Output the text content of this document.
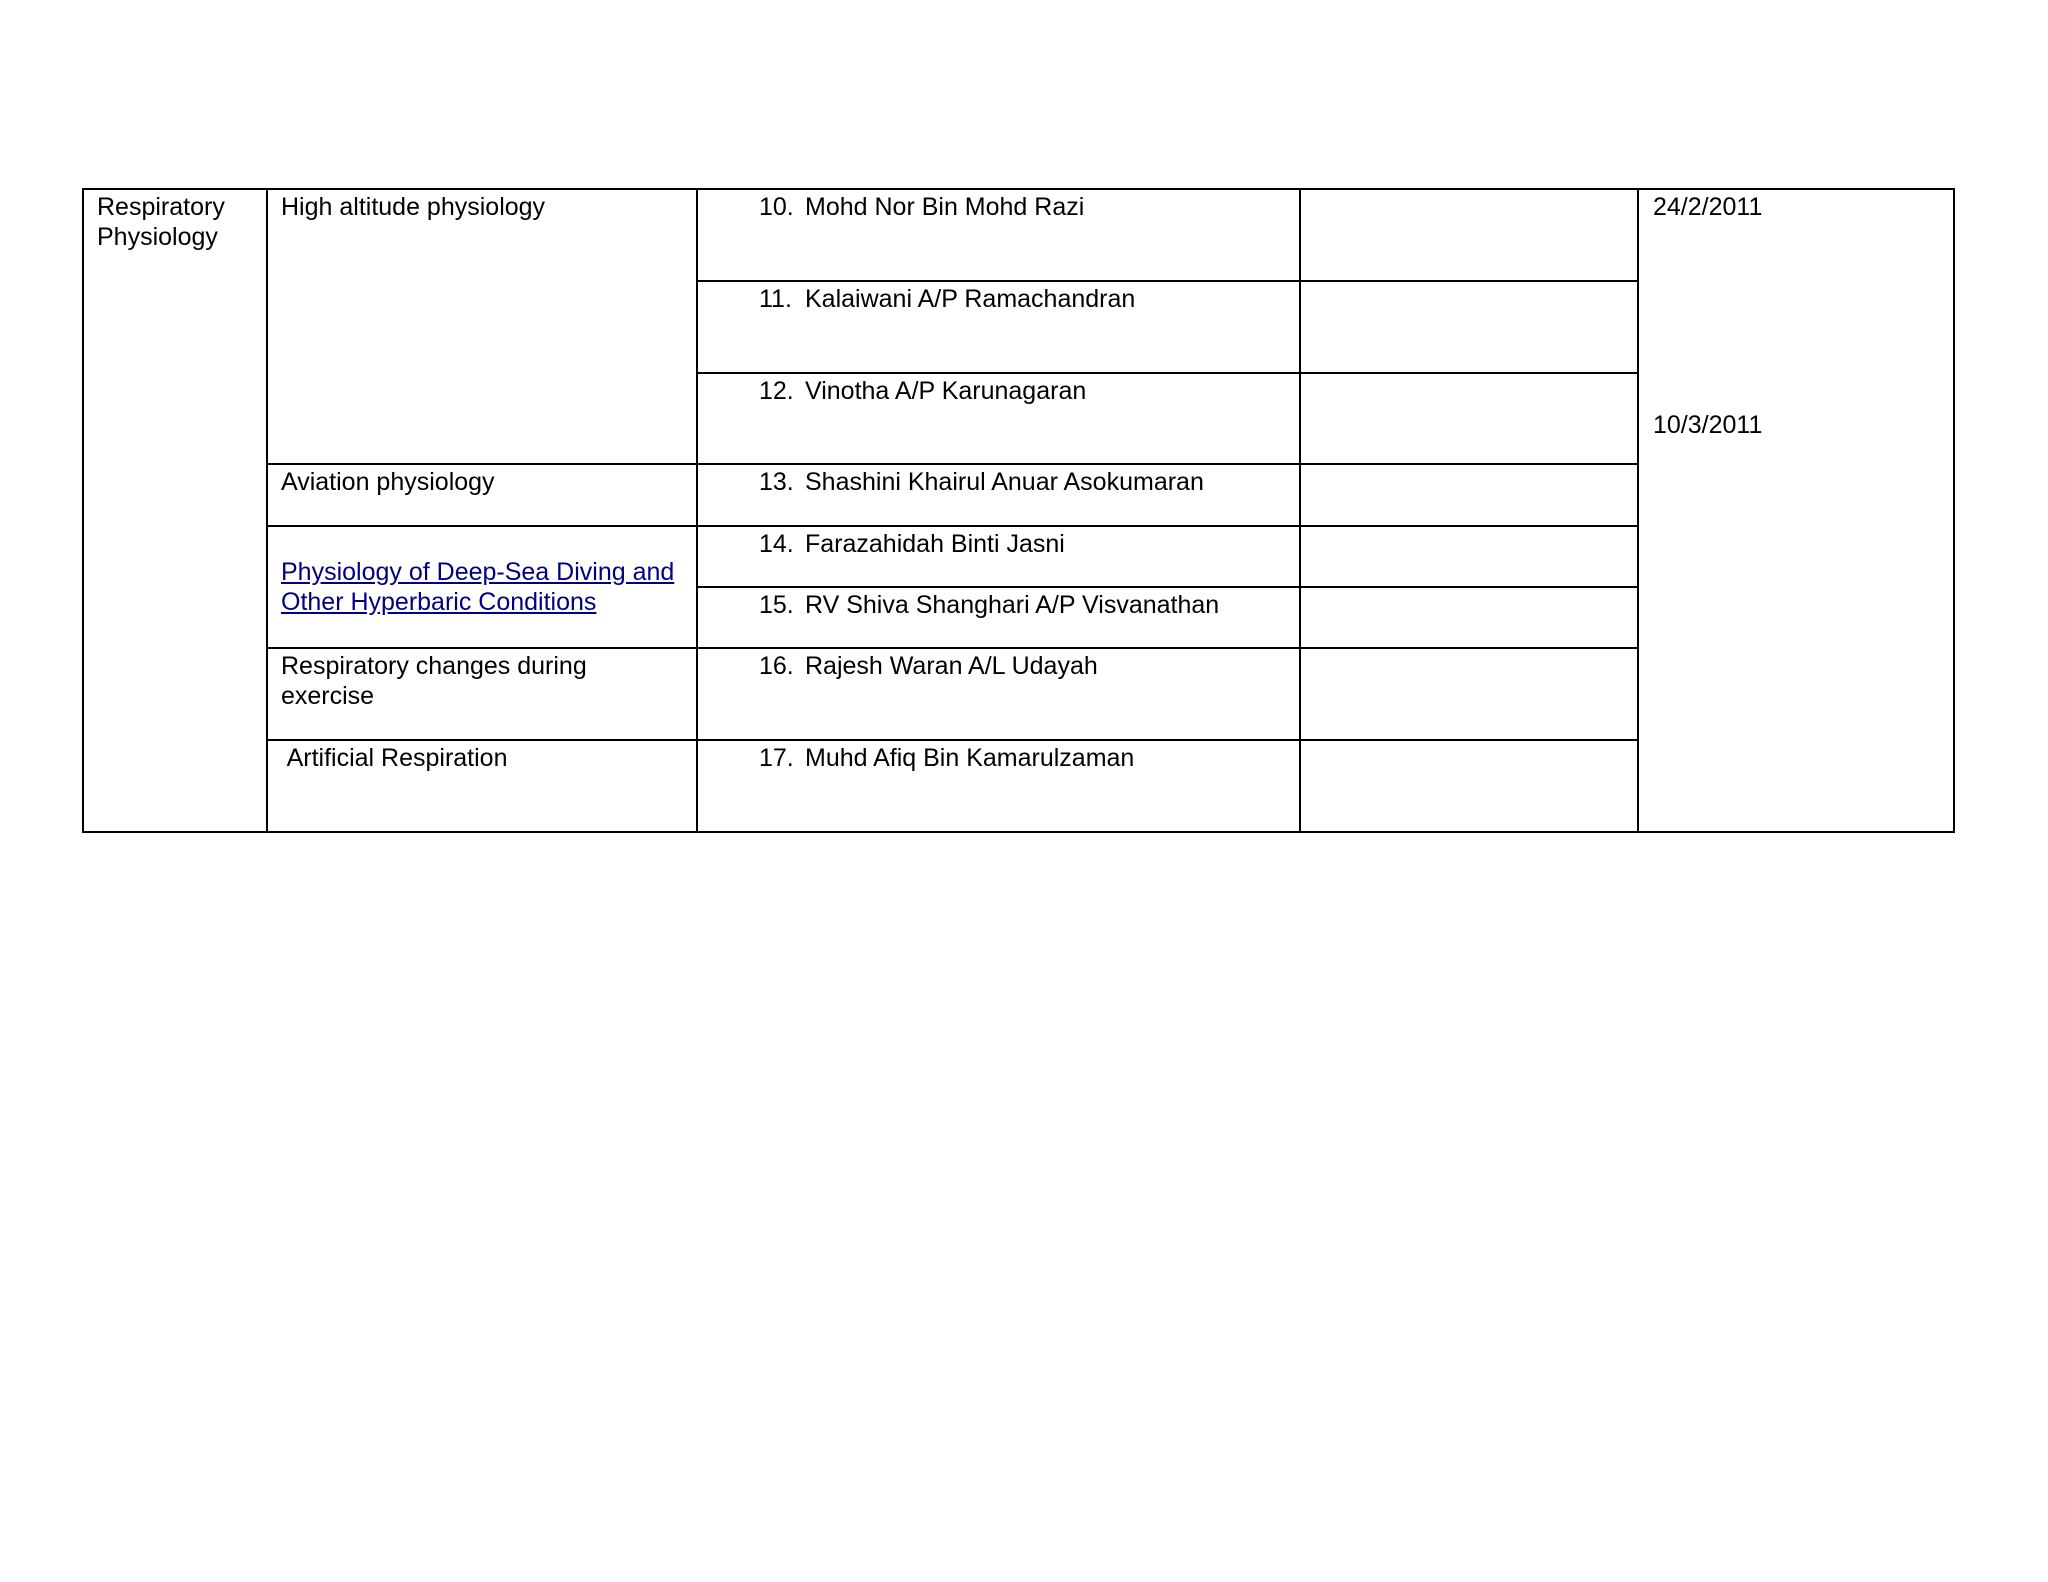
Respiratory Physiology	High altitude physiology	10. Mohd Nor Bin Mohd Razi		24/2/2011
10/3/2011

		11. Kalaiwani A/P Ramachandran		

		12. Vinotha A/P Karunagaran		

	Aviation physiology	13. Shashini Khairul Anuar Asokumaran		

	Physiology of Deep-Sea Diving and Other Hyperbaric Conditions	14. Farazahidah Binti Jasni		

		15. RV Shiva Shanghari A/P Visvanathan		

	Respiratory changes during exercise	16. Rajesh Waran A/L Udayah		

	Artificial Respiration	17. Muhd Afiq Bin Kamarulzaman		
